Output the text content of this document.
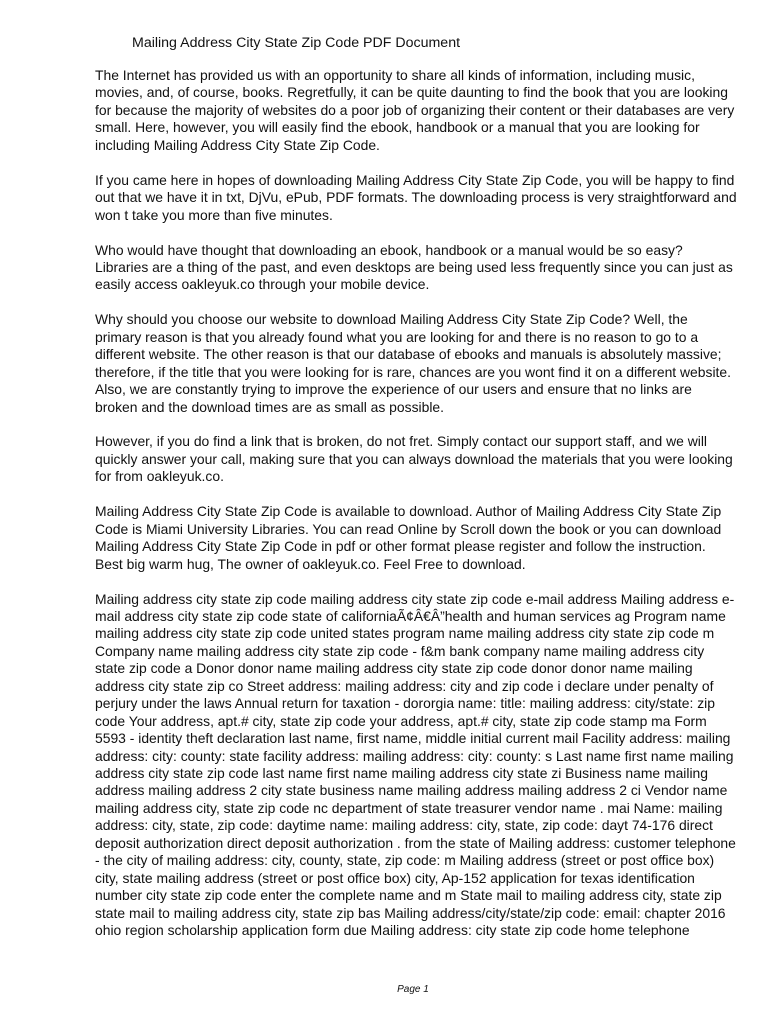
Mailing Address City State Zip Code PDF Document

The Internet has provided us with an opportunity to share all kinds of information, including music, movies, and, of course, books. Regretfully, it can be quite daunting to find the book that you are looking for because the majority of websites do a poor job of organizing their content or their databases are very small. Here, however, you will easily find the ebook, handbook or a manual that you are looking for including Mailing Address City State Zip Code.

If you came here in hopes of downloading Mailing Address City State Zip Code, you will be happy to find out that we have it in txt, DjVu, ePub, PDF formats. The downloading process is very straightforward and won t take you more than five minutes.

Who would have thought that downloading an ebook, handbook or a manual would be so easy? Libraries are a thing of the past, and even desktops are being used less frequently since you can just as easily access oakleyuk.co through your mobile device.

Why should you choose our website to download Mailing Address City State Zip Code? Well, the primary reason is that you already found what you are looking for and there is no reason to go to a different website. The other reason is that our database of ebooks and manuals is absolutely massive; therefore, if the title that you were looking for is rare, chances are you wont find it on a different website. Also, we are constantly trying to improve the experience of our users and ensure that no links are broken and the download times are as small as possible.

However, if you do find a link that is broken, do not fret. Simply contact our support staff, and we will quickly answer your call, making sure that you can always download the materials that you were looking for from oakleyuk.co.

Mailing Address City State Zip Code is available to download. Author of Mailing Address City State Zip Code is Miami University Libraries. You can read Online by Scroll down the book or you can download Mailing Address City State Zip Code in pdf or other format please register and follow the instruction. Best big warm hug, The owner of oakleyuk.co. Feel Free to download.

Mailing address city state zip code mailing address city state zip code e-mail address Mailing address e-mail address city state zip code state of californiaÃ¢Â€Â”health and human services ag Program name mailing address city state zip code united states program name mailing address city state zip code m Company name mailing address city state zip code - f&m bank company name mailing address city state zip code a Donor donor name mailing address city state zip code donor donor name mailing address city state zip co Street address: mailing address: city and zip code i declare under penalty of perjury under the laws Annual return for taxation - dororgia name: title: mailing address: city/state: zip code Your address, apt.# city, state zip code your address, apt.# city, state zip code stamp ma Form 5593 - identity theft declaration last name, first name, middle initial current mail Facility address: mailing address: city: county: state facility address: mailing address: city: county: s Last name first name mailing address city state zip code last name first name mailing address city state zi Business name mailing address mailing address 2 city state business name mailing address mailing address 2 ci Vendor name mailing address city, state zip code nc department of state treasurer vendor name . mai Name: mailing address: city, state, zip code: daytime name: mailing address: city, state, zip code: dayt 74-176 direct deposit authorization direct deposit authorization . from the state of Mailing address: customer telephone - the city of mailing address: city, county, state, zip code: m Mailing address (street or post office box) city, state mailing address (street or post office box) city, Ap-152 application for texas identification number city state zip code enter the complete name and m State mail to mailing address city, state zip state mail to mailing address city, state zip bas Mailing address/city/state/zip code: email: chapter 2016 ohio region scholarship application form due Mailing address: city state zip code home telephone

Page 1
